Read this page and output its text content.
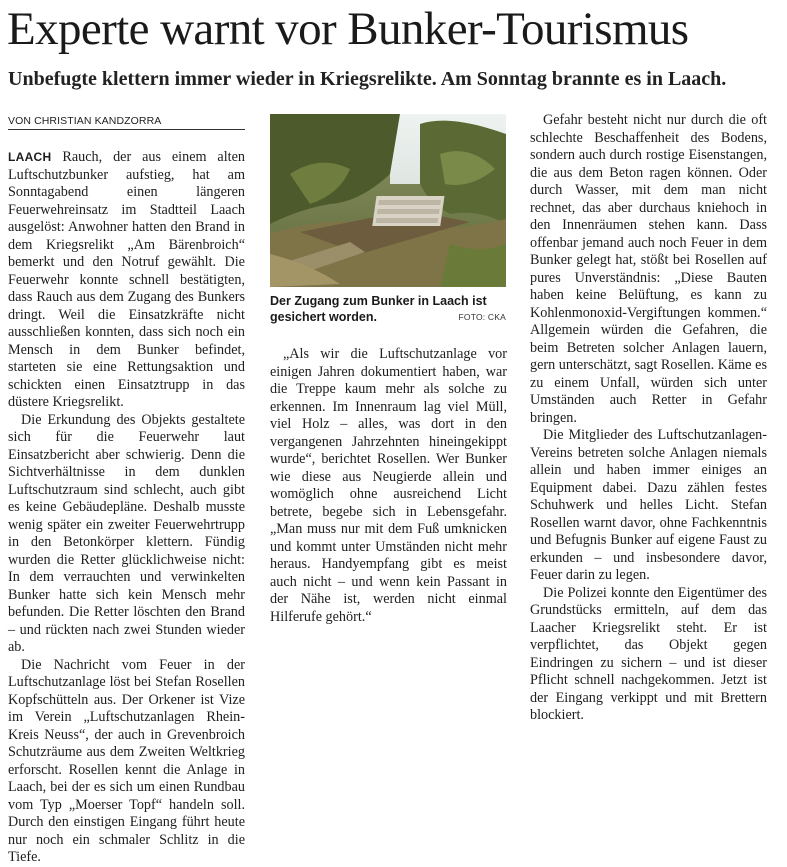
Experte warnt vor Bunker-Tourismus
Unbefugte klettern immer wieder in Kriegsrelikte. Am Sonntag brannte es in Laach.
VON CHRISTIAN KANDZORRA

LAACH Rauch, der aus einem alten Luftschutzbunker aufstieg, hat am Sonntagabend einen längeren Feuerwehreinsatz im Stadtteil Laach ausgelöst: Anwohner hatten den Brand in dem Kriegsrelikt „Am Bärenbroich“ bemerkt und den Notruf gewählt. Die Feuerwehr konnte schnell bestätigten, dass Rauch aus dem Zugang des Bunkers dringt. Weil die Einsatzkräfte nicht ausschließen konnten, dass sich noch ein Mensch in dem Bunker befindet, starteten sie eine Rettungsaktion und schickten einen Einsatztrupp in das düstere Kriegsrelikt.

Die Erkundung des Objekts gestaltete sich für die Feuerwehr laut Einsatzbericht aber schwierig. Denn die Sichtverhältnisse in dem dunklen Luftschutzraum sind schlecht, auch gibt es keine Gebäudepläne. Deshalb musste wenig später ein zweiter Feuerwehrtrupp in den Betonkörper klettern. Fündig wurden die Retter glücklichweise nicht: In dem verrauchten und verwinkelten Bunker hatte sich kein Mensch mehr befunden. Die Retter löschten den Brand – und rückten nach zwei Stunden wieder ab.

Die Nachricht vom Feuer in der Luftschutzanlage löst bei Stefan Rosellen Kopfschütteln aus. Der Orkener ist Vize im Verein „Luftschutzanlagen Rhein-Kreis Neuss“, der auch in Grevenbroich Schutzräume aus dem Zweiten Weltkrieg erforscht. Rosellen kennt die Anlage in Laach, bei der es sich um einen Rundbau vom Typ „Moerser Topf“ handeln soll. Durch den einstigen Eingang führt heute nur noch ein schmaler Schlitz in die Tiefe.

Der Zugang zum Bunker in Laach ist gesichert worden.	FOTO: CKA

„Als wir die Luftschutzanlage vor einigen Jahren dokumentiert haben, war die Treppe kaum mehr als solche zu erkennen. Im Innenraum lag viel Müll, viel Holz – alles, was dort in den vergangenen Jahrzehnten hineingekippt wurde“, berichtet Rosellen. Wer Bunker wie diese aus Neugierde allein und womöglich ohne ausreichend Licht betrete, begebe sich in Lebensgefahr. „Man muss nur mit dem Fuß umknicken und kommt unter Umständen nicht mehr heraus. Handyempfang gibt es meist auch nicht – und wenn kein Passant in der Nähe ist, werden nicht einmal Hilferufe gehört.“

Gefahr besteht nicht nur durch die oft schlechte Beschaffenheit des Bodens, sondern auch durch rostige Eisenstangen, die aus dem Beton ragen können. Oder durch Wasser, mit dem man nicht rechnet, das aber durchaus kniehoch in den Innenräumen stehen kann. Dass offenbar jemand auch noch Feuer in dem Bunker gelegt hat, stößt bei Rosellen auf pures Unverständnis: „Diese Bauten haben keine Belüftung, es kann zu Kohlenmonoxid-Vergiftungen kommen.“ Allgemein würden die Gefahren, die beim Betreten solcher Anlagen lauern, gern unterschätzt, sagt Rosellen. Käme es zu einem Unfall, würden sich unter Umständen auch Retter in Gefahr bringen.

Die Mitglieder des Luftschutzanlagen-Vereins betreten solche Anlagen niemals allein und haben immer einiges an Equipment dabei. Dazu zählen festes Schuhwerk und helles Licht. Stefan Rosellen warnt davor, ohne Fachkenntnis und Befugnis Bunker auf eigene Faust zu erkunden – und insbesondere davor, Feuer darin zu legen.

Die Polizei konnte den Eigentümer des Grundstücks ermitteln, auf dem das Laacher Kriegsrelikt steht. Er ist verpflichtet, das Objekt gegen Eindringen zu sichern – und ist dieser Pflicht schnell nachgekommen. Jetzt ist der Eingang verkippt und mit Brettern blockiert.
